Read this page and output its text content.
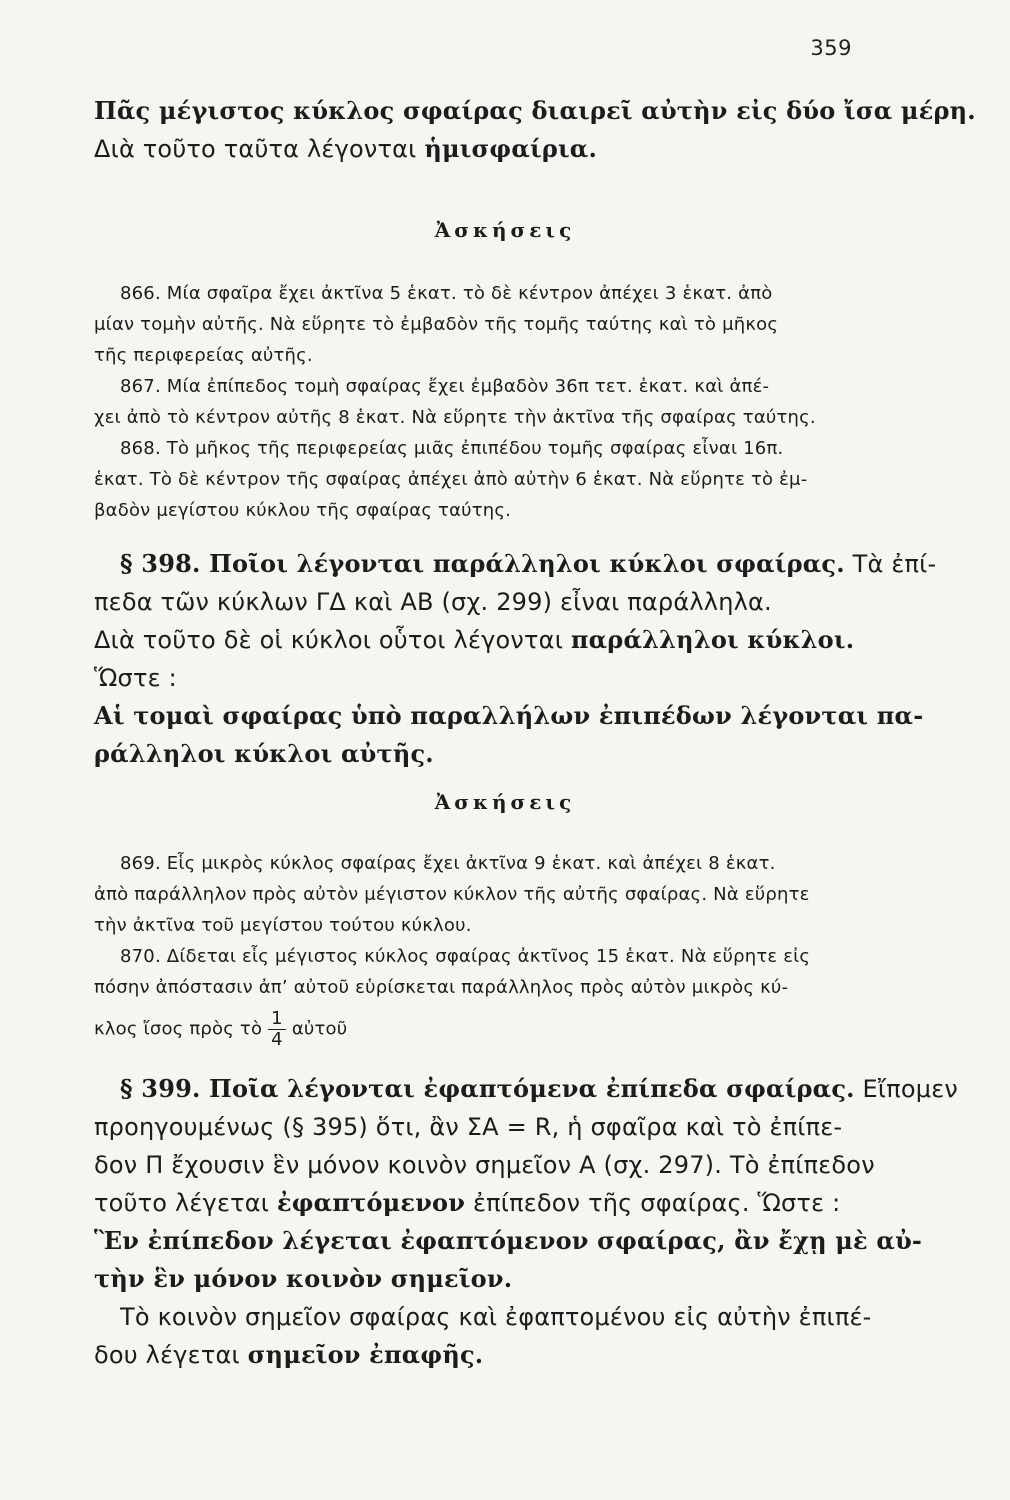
359
Πᾶς μέγιστος κύκλος σφαίρας διαιρεῖ αὐτὴν εἰς δύο ἴσα μέρη.
Διὰ τοῦτο ταῦτα λέγονται ἡμισφαίρια.
Ἀσκήσεις
866. Μία σφαῖρα ἔχει ἀκτῖνα 5 ἑκατ. τὸ δὲ κέντρον ἀπέχει 3 ἑκατ. ἀπὸ
μίαν τομὴν αὐτῆς. Νὰ εὕρητε τὸ ἐμβαδὸν τῆς τομῆς ταύτης καὶ τὸ μῆκος
τῆς περιφερείας αὐτῆς.
867. Μία ἐπίπεδος τομὴ σφαίρας ἔχει ἐμβαδὸν 36π τετ. ἑκατ. καὶ ἀπέ-
χει ἀπὸ τὸ κέντρον αὐτῆς 8 ἑκατ. Νὰ εὕρητε τὴν ἀκτῖνα τῆς σφαίρας ταύτης.
868. Τὸ μῆκος τῆς περιφερείας μιᾶς ἐπιπέδου τομῆς σφαίρας εἶναι 16π.
ἑκατ. Τὸ δὲ κέντρον τῆς σφαίρας ἀπέχει ἀπὸ αὐτὴν 6 ἑκατ. Νὰ εὕρητε τὸ ἐμ-
βαδὸν μεγίστου κύκλου τῆς σφαίρας ταύτης.
§ 398. Ποῖοι λέγονται παράλληλοι κύκλοι σφαίρας. Τὰ ἐπί-
πεδα τῶν κύκλων ΓΔ καὶ ΑΒ (σχ. 299) εἶναι παράλληλα.
Διὰ τοῦτο δὲ οἱ κύκλοι οὗτοι λέγονται παράλληλοι κύκλοι.
Ὥστε :
Αἱ τομαὶ σφαίρας ὑπὸ παραλλήλων ἐπιπέδων λέγονται πα-
ράλληλοι κύκλοι αὐτῆς.
Ἀσκήσεις
869. Εἷς μικρὸς κύκλος σφαίρας ἔχει ἀκτῖνα 9 ἑκατ. καὶ ἀπέχει 8 ἑκατ.
ἀπὸ παράλληλον πρὸς αὐτὸν μέγιστον κύκλον τῆς αὐτῆς σφαίρας. Νὰ εὕρητε
τὴν ἀκτῖνα τοῦ μεγίστου τούτου κύκλου.
870. Δίδεται εἷς μέγιστος κύκλος σφαίρας ἀκτῖνος 15 ἑκατ. Νὰ εὕρητε εἰς
πόσην ἀπόστασιν ἀπ’ αὐτοῦ εὑρίσκεται παράλληλος πρὸς αὐτὸν μικρὸς κύ-
κλος ἴσος πρὸς τὸ $\frac{1}{4}$ αὐτοῦ
§ 399. Ποῖα λέγονται ἐφαπτόμενα ἐπίπεδα σφαίρας. Εἴπομεν
προηγουμένως (§ 395) ὅτι, ἂν ΣΑ = R, ἡ σφαῖρα καὶ τὸ ἐπίπε-
δον Π ἔχουσιν ἓν μόνον κοινὸν σημεῖον Α (σχ. 297). Τὸ ἐπίπεδον
τοῦτο λέγεται ἐφαπτόμενον ἐπίπεδον τῆς σφαίρας. Ὥστε :
Ἓν ἐπίπεδον λέγεται ἐφαπτόμενον σφαίρας, ἂν ἔχῃ μὲ αὐ-
τὴν ἓν μόνον κοινὸν σημεῖον.
Τὸ κοινὸν σημεῖον σφαίρας καὶ ἐφαπτομένου εἰς αὐτὴν ἐπιπέ-
δου λέγεται σημεῖον ἐπαφῆς.
